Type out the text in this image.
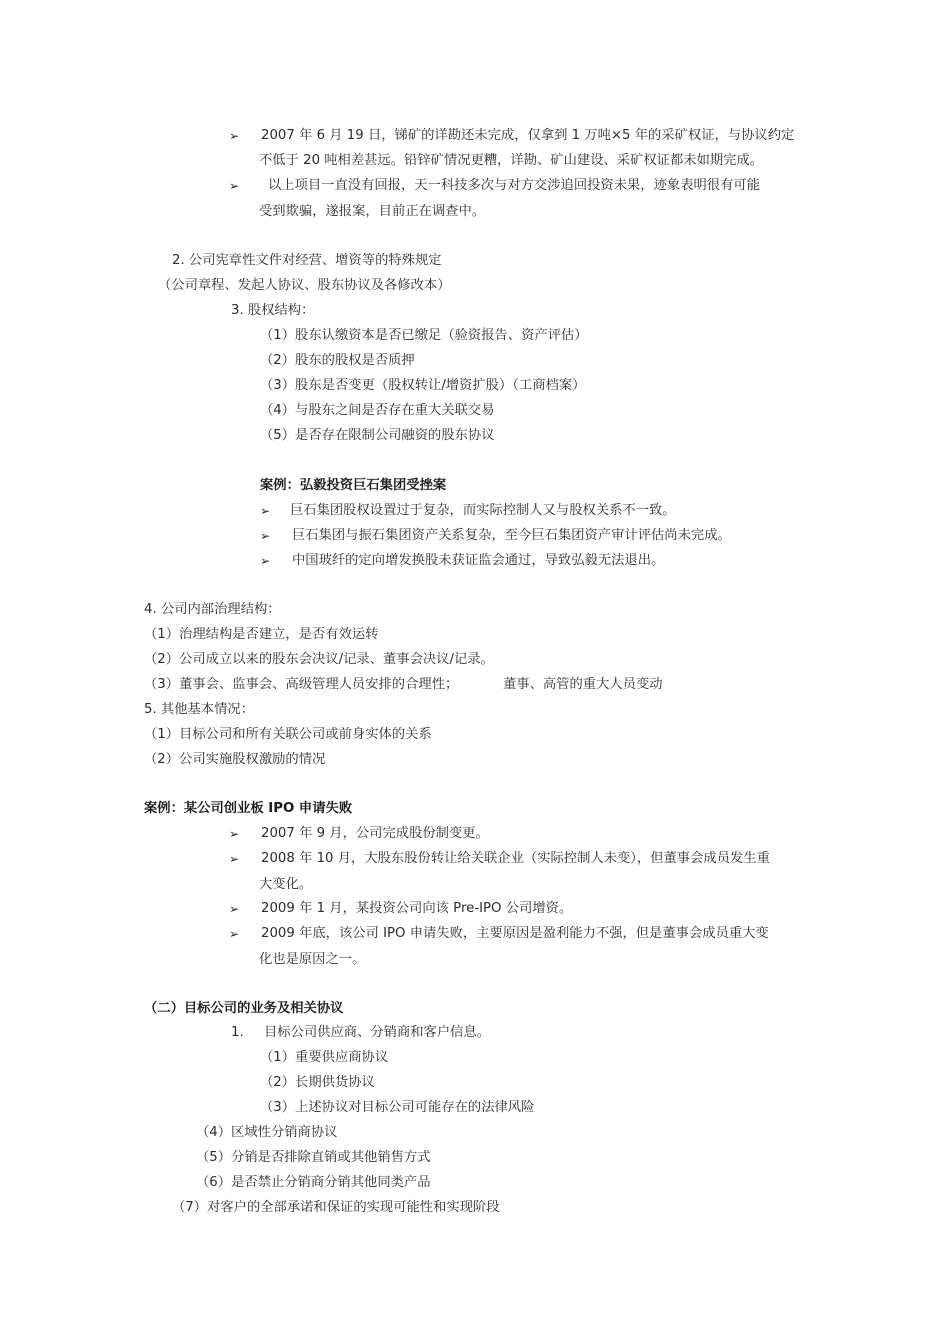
➢ 2007 年 6 月 19 日，锑矿的详勘还未完成，仅拿到 1 万吨×5 年的采矿权证，与协议约定
不低于 20 吨相差甚远。铅锌矿情况更糟，详勘、矿山建设、采矿权证都未如期完成。
➢ 以上项目一直没有回报，天一科技多次与对方交涉追回投资未果，迹象表明很有可能
受到欺骗，遂报案，目前正在调查中。
2. 公司宪章性文件对经营、增资等的特殊规定
（公司章程、发起人协议、股东协议及各修改本）
3. 股权结构：
（1）股东认缴资本是否已缴足（验资报告、资产评估）
（2）股东的股权是否质押
（3）股东是否变更（股权转让/增资扩股）（工商档案）
（4）与股东之间是否存在重大关联交易
（5）是否存在限制公司融资的股东协议
案例：弘毅投资巨石集团受挫案
➢ 巨石集团股权设置过于复杂，而实际控制人又与股权关系不一致。
➢ 巨石集团与振石集团资产关系复杂，至今巨石集团资产审计评估尚未完成。
➢ 中国玻纤的定向增发换股未获证监会通过，导致弘毅无法退出。
4. 公司内部治理结构：
（1）治理结构是否建立，是否有效运转
（2）公司成立以来的股东会决议/记录、董事会决议/记录。
（3）董事会、监事会、高级管理人员安排的合理性；	董事、高管的重大人员变动
5. 其他基本情况：
（1）目标公司和所有关联公司或前身实体的关系
（2）公司实施股权激励的情况
案例：某公司创业板 IPO 申请失败
➢ 2007 年 9 月，公司完成股份制变更。
➢ 2008 年 10 月，大股东股份转让给关联企业（实际控制人未变），但董事会成员发生重
大变化。
➢ 2009 年 1 月，某投资公司向该 Pre-IPO 公司增资。
➢ 2009 年底，该公司 IPO 申请失败，主要原因是盈利能力不强，但是董事会成员重大变
化也是原因之一。
（二）目标公司的业务及相关协议
1. 目标公司供应商、分销商和客户信息。
（1）重要供应商协议
（2）长期供货协议
（3）上述协议对目标公司可能存在的法律风险
（4）区域性分销商协议
（5）分销是否排除直销或其他销售方式
（6）是否禁止分销商分销其他同类产品
（7）对客户的全部承诺和保证的实现可能性和实现阶段
